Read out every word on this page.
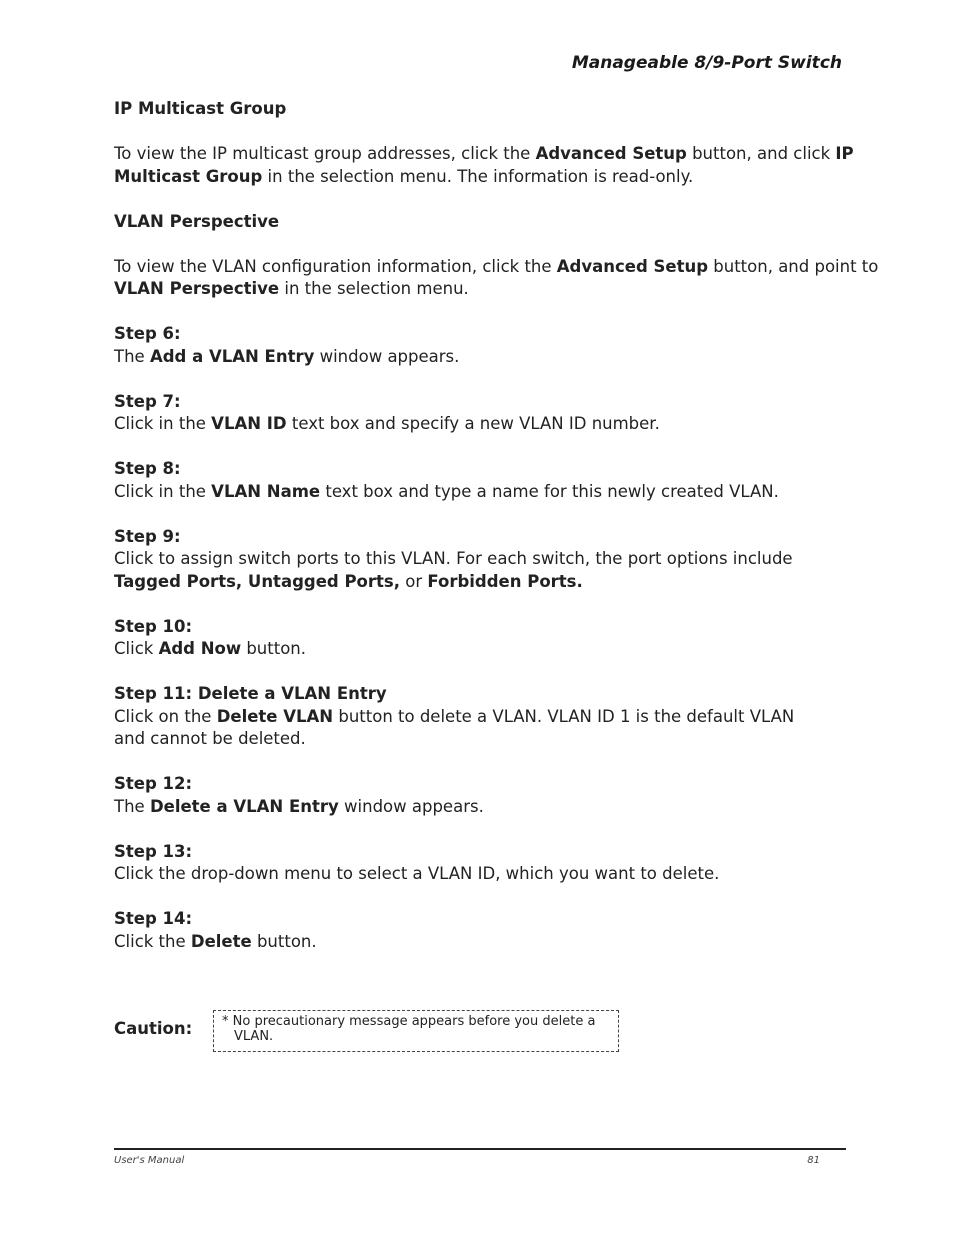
Manageable 8/9-Port Switch

IP Multicast Group

To view the IP multicast group addresses, click the Advanced Setup button, and click IP Multicast Group in the selection menu. The information is read-only.

VLAN Perspective

To view the VLAN configuration information, click the Advanced Setup button, and point to VLAN Perspective in the selection menu.

Step 6:

The Add a VLAN Entry window appears.

Step 7:

Click in the VLAN ID text box and specify a new VLAN ID number.

Step 8:

Click in the VLAN Name text box and type a name for this newly created VLAN.

Step 9:

Click to assign switch ports to this VLAN. For each switch, the port options include

Tagged Ports, Untagged Ports, or Forbidden Ports.

Step 10:

Click Add Now button.

Step 11: Delete a VLAN Entry

Click on the Delete VLAN button to delete a VLAN. VLAN ID 1 is the default VLAN and cannot be deleted.

Step 12:

The Delete a VLAN Entry window appears.

Step 13:

Click the drop-down menu to select a VLAN ID, which you want to delete.

Step 14:

Click the Delete button.

Caution: * No precautionary message appears before you delete a VLAN.

User's Manual	81
